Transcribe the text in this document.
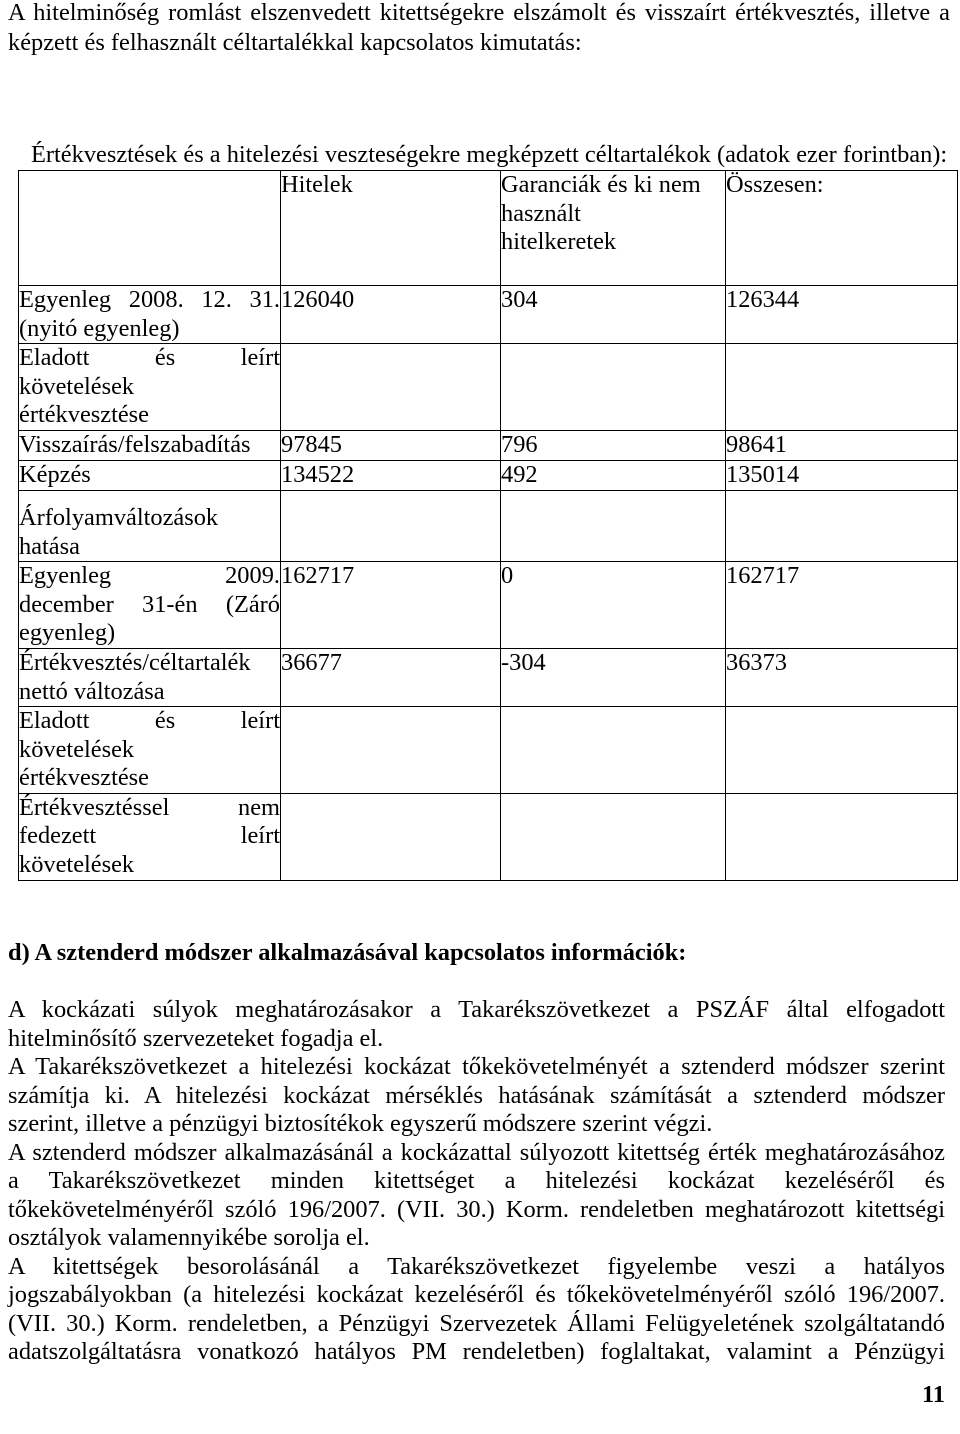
A hitelminőség romlást elszenvedett kitettségekre elszámolt és visszaírt értékvesztés, illetve a
képzett és felhasznált céltartalékkal kapcsolatos kimutatás:
Értékvesztések és a hitelezési veszteségekre megképzett céltartalékok (adatok ezer forintban):

	Hitelek	Garanciák és ki nem
használt
hitelkeretek	Összesen:

Egyenleg 2008. 12. 31.
(nyitó egyenleg)	126040	304	126344

Eladott és leírt
követelések
értékvesztése			

Visszaírás/felszabadítás	97845	796	98641

Képzés	134522	492	135014

Árfolyamváltozások
hatása			

Egyenleg 2009.
december 31-én (Záró
egyenleg)	162717	0	162717

Értékvesztés/céltartalék
nettó változása	36677	-304	36373

Eladott és leírt
követelések
értékvesztése			

Értékvesztéssel nem
fedezett leírt
követelések			

d) A sztenderd módszer alkalmazásával kapcsolatos információk:
A kockázati súlyok meghatározásakor a Takarékszövetkezet a PSZÁF által elfogadott
hitelminősítő szervezeteket fogadja el.
A Takarékszövetkezet a hitelezési kockázat tőkekövetelményét a sztenderd módszer szerint
számítja ki. A hitelezési kockázat mérséklés hatásának számítását a sztenderd módszer
szerint, illetve a pénzügyi biztosítékok egyszerű módszere szerint végzi.
A sztenderd módszer alkalmazásánál a kockázattal súlyozott kitettség érték meghatározásához
a Takarékszövetkezet minden kitettséget a hitelezési kockázat kezeléséről és
tőkekövetelményéről szóló 196/2007. (VII. 30.) Korm. rendeletben meghatározott kitettségi
osztályok valamennyikébe sorolja el.
A kitettségek besorolásánál a Takarékszövetkezet figyelembe veszi a hatályos
jogszabályokban (a hitelezési kockázat kezeléséről és tőkekövetelményéről szóló 196/2007.
(VII. 30.) Korm. rendeletben, a Pénzügyi Szervezetek Állami Felügyeletének szolgáltatandó
adatszolgáltatásra vonatkozó hatályos PM rendeletben) foglaltakat, valamint a Pénzügyi
11
